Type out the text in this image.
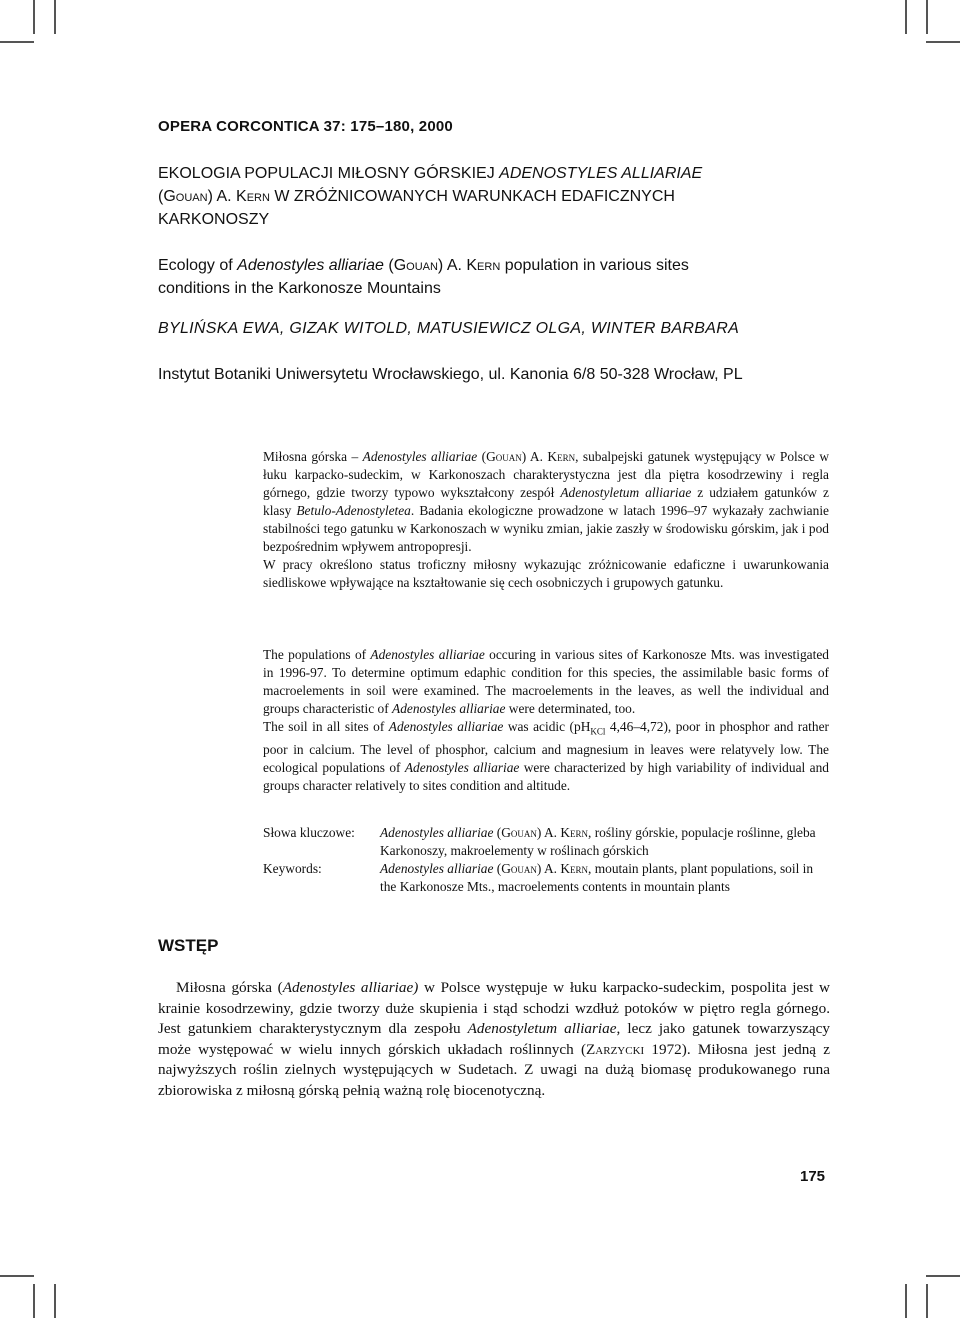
OPERA CORCONTICA 37: 175–180, 2000
EKOLOGIA POPULACJI MIŁOSNY GÓRSKIEJ ADENOSTYLES ALLIARIAE
(Gouan) A. Kern W ZRÓŻNICOWANYCH WARUNKACH EDAFICZNYCH
KARKONOSZY
Ecology of Adenostyles alliariae (Gouan) A. Kern population in various sites
conditions in the Karkonosze Mountains
BYLIŃSKA EWA, GIZAK WITOLD, MATUSIEWICZ OLGA, WINTER BARBARA
Instytut Botaniki Uniwersytetu Wrocławskiego, ul. Kanonia 6/8 50-328 Wrocław, PL

Miłosna górska – Adenostyles alliariae (Gouan) A. Kern, subalpejski gatunek występujący w Polsce w łuku karpacko-sudeckim, w Karkonoszach charakterystyczna jest dla piętra kosodrzewiny i regla górnego, gdzie tworzy typowo wykształcony zespół Adenostyletum alliariae z udziałem gatunków z klasy Betulo-Adenostyletea. Badania ekologiczne prowadzone w latach 1996–97 wykazały zachwianie stabilności tego gatunku w Karkonoszach w wyniku zmian, jakie zaszły w środowisku górskim, jak i pod bezpośrednim wpływem antropopresji.

W pracy określono status troficzny miłosny wykazując zróżnicowanie edaficzne i uwarunkowania siedliskowe wpływające na kształtowanie się cech osobniczych i grupowych gatunku.

The populations of Adenostyles alliariae occuring in various sites of Karkonosze Mts. was investigated in 1996-97. To determine optimum edaphic condition for this species, the assimilable basic forms of macroelements in soil were examined. The macroelements in the leaves, as well the individual and groups characteristic of Adenostyles alliariae were determinated, too.

The soil in all sites of Adenostyles alliariae was acidic ($pH_{KCl}$ 4,46–4,72), poor in phosphor and rather poor in calcium. The level of phosphor, calcium and magnesium in leaves were relatyvely low. The ecological populations of Adenostyles alliariae were characterized by high variability of individual and groups character relatively to sites condition and altitude.

Słowa kluczowe:	Adenostyles alliariae (Gouan) A. Kern, rośliny górskie, populacje roślinne, gleba Karkonoszy, makroelementy w roślinach górskich
Keywords:	Adenostyles alliariae (Gouan) A. Kern, moutain plants, plant populations, soil in the Karkonosze Mts., macroelements contents in mountain plants
WSTĘP

Miłosna górska (Adenostyles alliariae) w Polsce występuje w łuku karpacko-sudeckim, pospolita jest w krainie kosodrzewiny, gdzie tworzy duże skupienia i stąd schodzi wzdłuż potoków w piętro regla górnego. Jest gatunkiem charakterystycznym dla zespołu Adenostyletum alliariae, lecz jako gatunek towarzyszący może występować w wielu innych górskich układach roślinnych (Zarzycki 1972). Miłosna jest jedną z najwyższych roślin zielnych występujących w Sudetach. Z uwagi na dużą biomasę produkowanego runa zbiorowiska z miłosną górską pełnią ważną rolę biocenotyczną.

175
